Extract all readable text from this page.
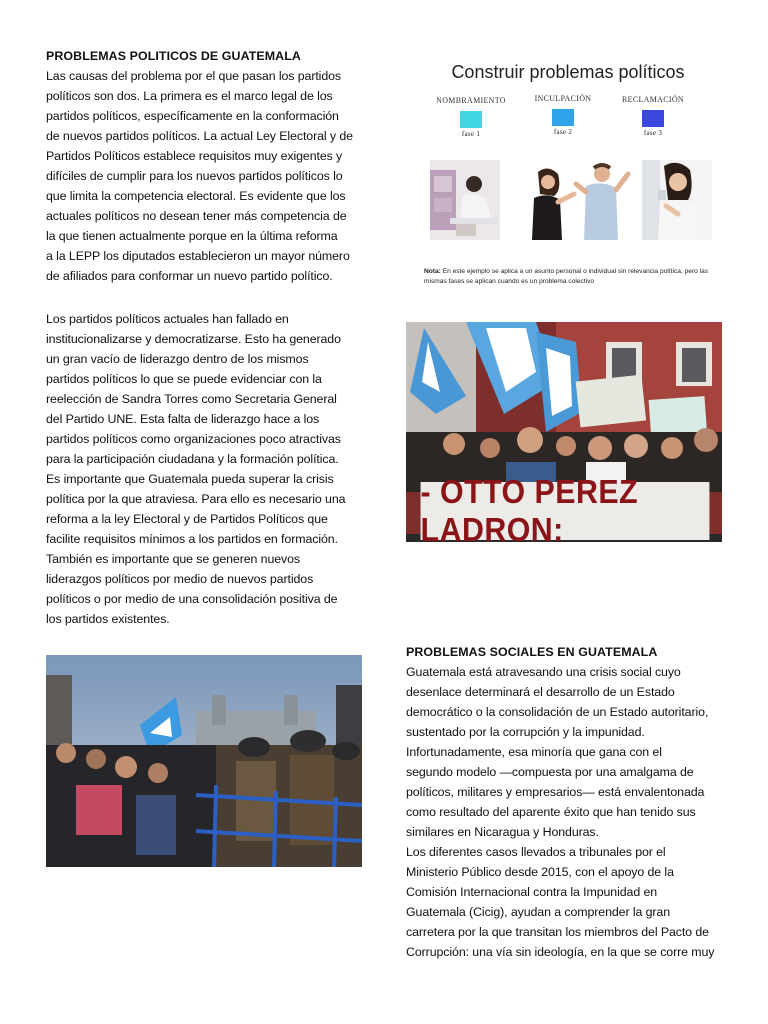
PROBLEMAS POLITICOS DE GUATEMALA
Las causas del problema por el que pasan los partidos
políticos son dos. La primera es el marco legal de los
partidos políticos, específicamente en la conformación
de nuevos partidos políticos. La actual Ley Electoral y de
Partidos Políticos establece requisitos muy exigentes y
difíciles de cumplir para los nuevos partidos políticos lo
que limita la competencia electoral. Es evidente que los
actuales políticos no desean tener más competencia de
la que tienen actualmente porque en la última reforma
a la LEPP los diputados establecieron un mayor número
de afiliados para conformar un nuevo partido político.
Los partidos políticos actuales han fallado en
institucionalizarse y democratizarse. Esto ha generado
un gran vacío de liderazgo dentro de los mismos
partidos políticos lo que se puede evidenciar con la
reelección de Sandra Torres como Secretaria General
del Partido UNE. Esta falta de liderazgo hace a los
partidos políticos como organizaciones poco atractivas
para la participación ciudadana y la formación política.
Es importante que Guatemala pueda superar la crisis
política por la que atraviesa. Para ello es necesario una
reforma a la ley Electoral y de Partidos Políticos que
facilite requisitos mínimos a los partidos en formación.
También es importante que se generen nuevos
liderazgos políticos por medio de nuevos partidos
políticos o por medio de una consolidación positiva de
los partidos existentes.
Construir problemas políticos
NOMBRAMIENTO
fase 1
INCULPACIÓN
fase 2
RECLAMACIÓN
fase 3
Nota: En este ejemplo se aplica a un asunto personal o individual sin relevancia política, pero las mismas fases se aplican cuando es un problema colectivo
- OTTO PEREZ LADRON:
PROBLEMAS SOCIALES EN GUATEMALA
Guatemala está atravesando una crisis social cuyo
desenlace determinará el desarrollo de un Estado
democrático o la consolidación de un Estado autoritario,
sustentado por la corrupción y la impunidad.
Infortunadamente, esa minoría que gana con el
segundo modelo —compuesta por una amalgama de
políticos, militares y empresarios— está envalentonada
como resultado del aparente éxito que han tenido sus
similares en Nicaragua y Honduras.
Los diferentes casos llevados a tribunales por el
Ministerio Público desde 2015, con el apoyo de la
Comisión Internacional contra la Impunidad en
Guatemala (Cicig), ayudan a comprender la gran
carretera por la que transitan los miembros del Pacto de
Corrupción: una vía sin ideología, en la que se corre muy
